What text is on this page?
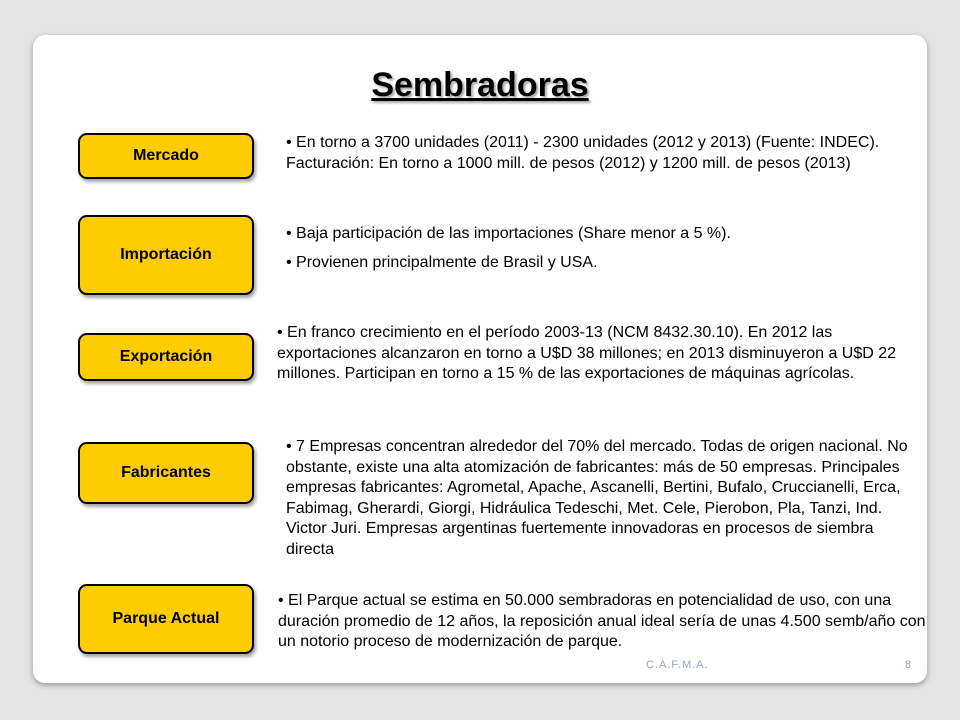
Sembradoras
Mercado

• En torno a 3700 unidades (2011) - 2300 unidades (2012 y 2013) (Fuente: INDEC). Facturación: En torno a 1000 mill. de pesos (2012) y 1200 mill. de pesos (2013)

Importación

• Baja participación de las importaciones (Share menor a 5 %).

• Provienen principalmente de Brasil y USA.

Exportación

• En franco crecimiento en el período 2003-13 (NCM 8432.30.10). En 2012 las exportaciones alcanzaron en torno a U$D 38 millones; en 2013 disminuyeron a U$D 22 millones. Participan en torno a 15 % de las exportaciones de máquinas agrícolas.

Fabricantes

• 7 Empresas concentran alrededor del 70% del mercado. Todas de origen nacional. No obstante, existe una alta atomización de fabricantes: más de 50 empresas. Principales empresas fabricantes: Agrometal, Apache, Ascanelli, Bertini, Bufalo, Cruccianelli, Erca, Fabimag, Gherardi, Giorgi, Hidráulica Tedeschi, Met. Cele, Pierobon, Pla, Tanzi, Ind. Victor Juri. Empresas argentinas fuertemente innovadoras en procesos de siembra directa

Parque Actual

• El Parque actual se estima en 50.000 sembradoras en potencialidad de uso, con una duración promedio de 12 años, la reposición anual ideal sería de unas 4.500 semb/año con un notorio proceso de modernización de parque.

C.A.F.M.A.	8
